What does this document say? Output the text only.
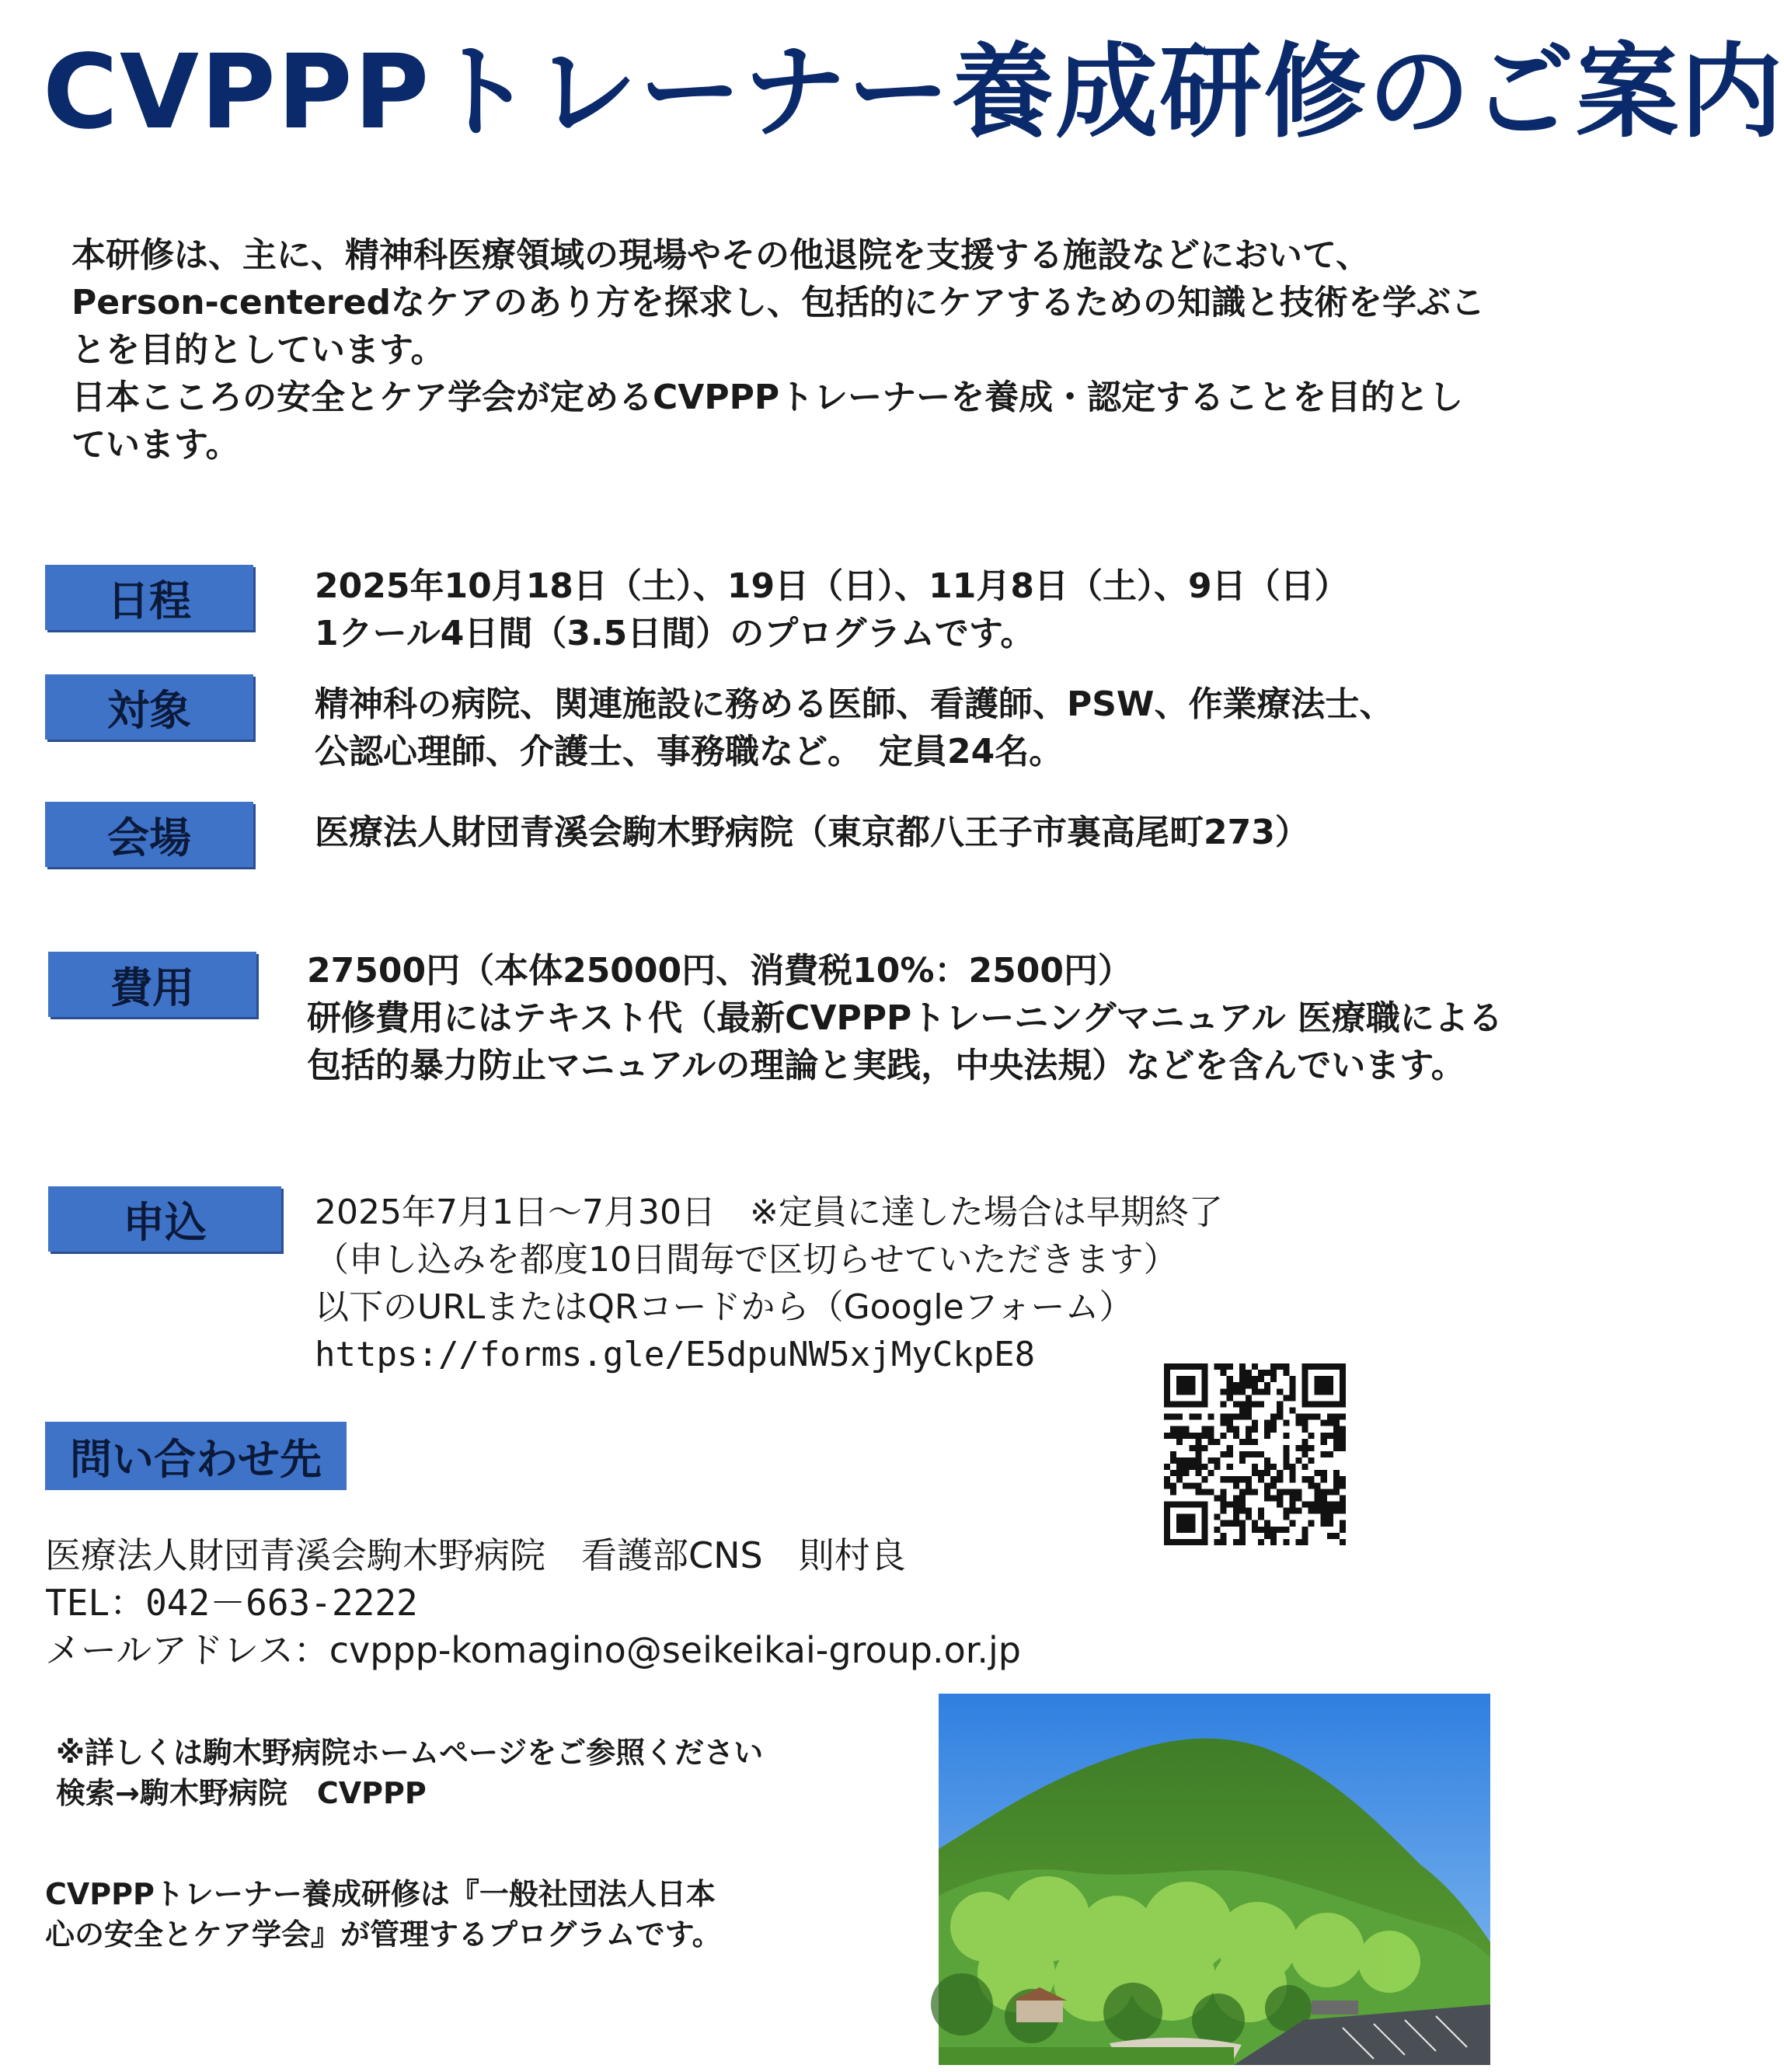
CVPPPトレーナー養成研修のご案内

本研修は、主に、精神科医療領域の現場やその他退院を支援する施設などにおいて、

Person-centeredなケアのあり方を探求し、包括的にケアするための知識と技術を学ぶこ

とを目的としています。

日本こころの安全とケア学会が定めるCVPPPトレーナーを養成・認定することを目的とし

ています。

日程	2025年10月18日（土）、19日（日）、11月8日（土）、9日（日）
1クール4日間（3.5日間）のプログラムです。
対象	精神科の病院、関連施設に務める医師、看護師、PSW、作業療法士、
公認心理師、介護士、事務職など。　定員24名。
会場	医療法人財団青溪会駒木野病院（東京都八王子市裏高尾町273）
費用	27500円（本体25000円、消費税10%：2500円）
研修費用にはテキスト代（最新CVPPPトレーニングマニュアル 医療職による
包括的暴力防止マニュアルの理論と実践，中央法規）などを含んでいます。
申込	2025年7月1日～7月30日　※定員に達した場合は早期終了
（申し込みを都度10日間毎で区切らせていただきます）
以下のURLまたはQRコードから（Googleフォーム）
https://forms.gle/E5dpuNW5xjMyCkpE8
問い合わせ先
医療法人財団青溪会駒木野病院　看護部CNS　則村良
TEL：042－663-2222
メールアドレス：cvppp-komagino@seikeikai-group.or.jp
※詳しくは駒木野病院ホームページをご参照ください
検索→駒木野病院　CVPPP
CVPPPトレーナー養成研修は『一般社団法人日本
心の安全とケア学会』が管理するプログラムです。
